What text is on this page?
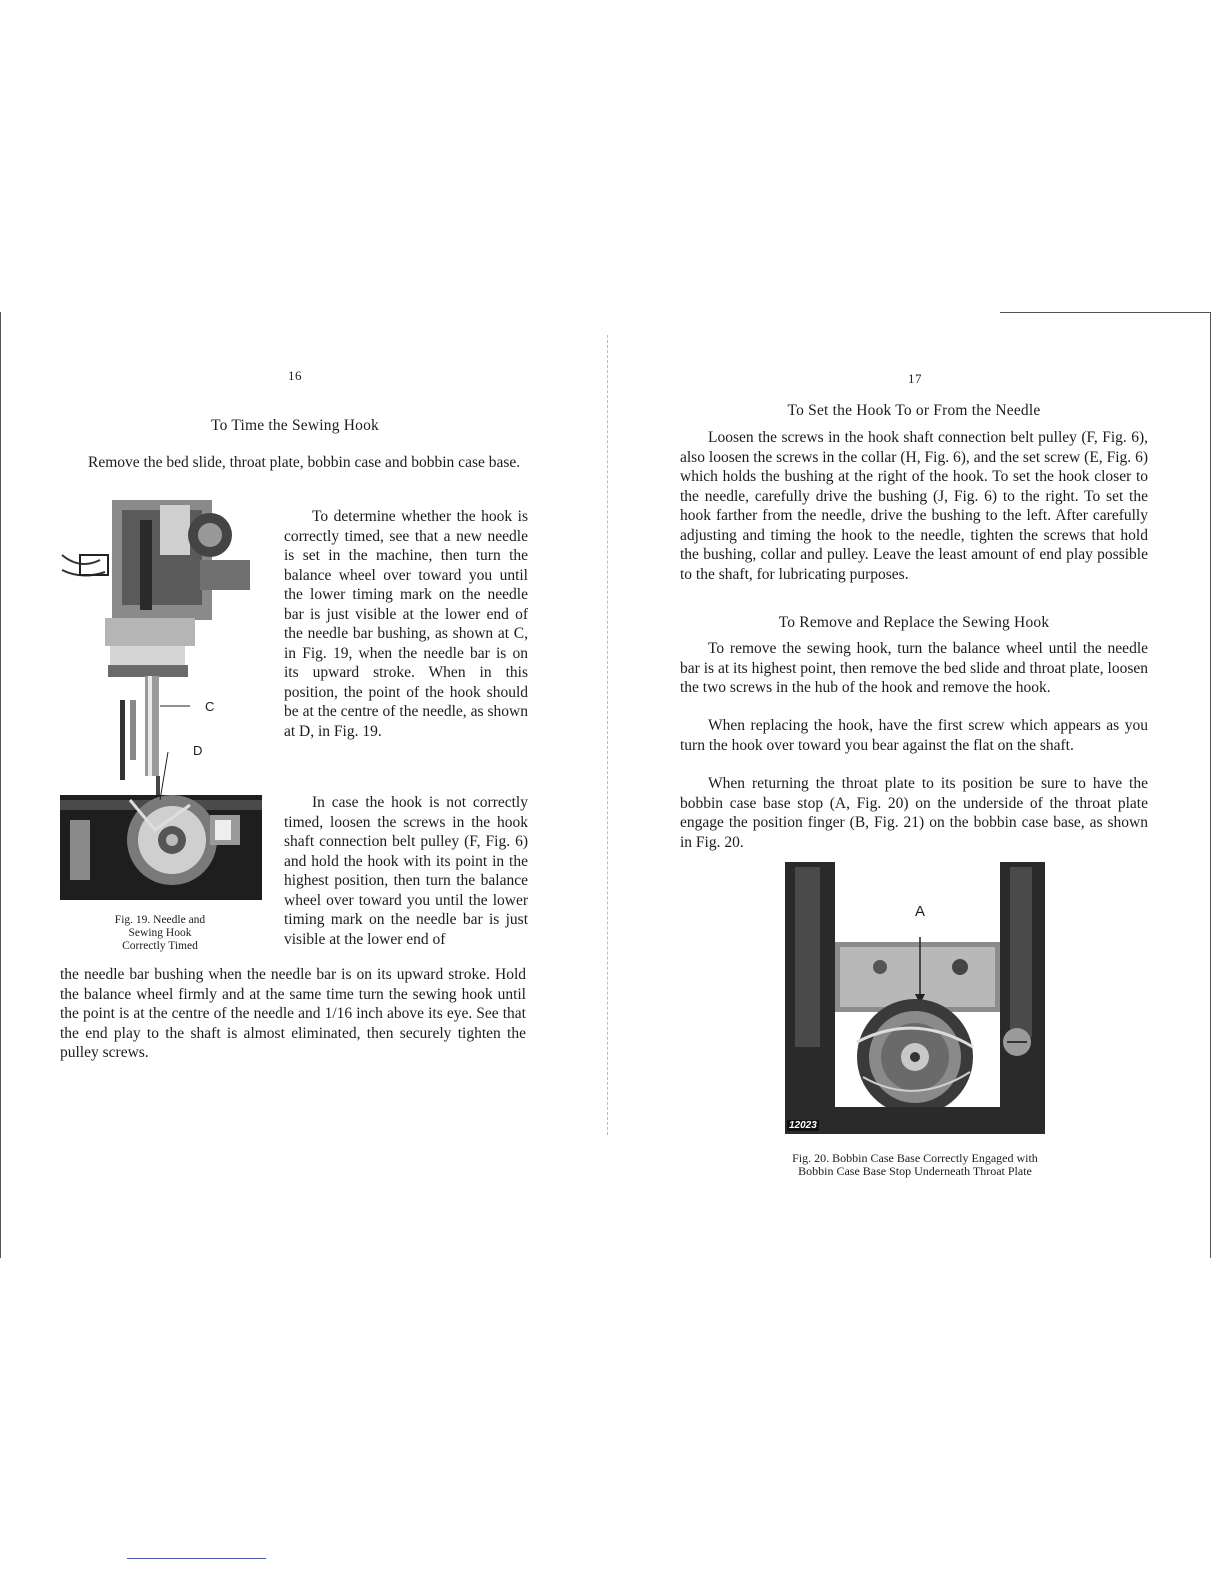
16
To Time the Sewing Hook

Remove the bed slide, throat plate, bobbin case and bobbin case base.

C
D
Fig. 19. Needle and
Sewing Hook
Correctly Timed

To determine whether the hook is correctly timed, see that a new needle is set in the machine, then turn the balance wheel over toward you until the lower timing mark on the needle bar is just visible at the lower end of the needle bar bushing, as shown at C, in Fig. 19, when the needle bar is on its upward stroke. When in this position, the point of the hook should be at the centre of the needle, as shown at D, in Fig. 19.

In case the hook is not correctly timed, loosen the screws in the hook shaft connection belt pulley (F, Fig. 6) and hold the hook with its point in the highest position, then turn the balance wheel over toward you until the lower timing mark on the needle bar is just visible at the lower end of

the needle bar bushing when the needle bar is on its upward stroke. Hold the balance wheel firmly and at the same time turn the sewing hook until the point is at the centre of the needle and 1/16 inch above its eye. See that the end play to the shaft is almost eliminated, then securely tighten the pulley screws.

17
To Set the Hook To or From the Needle

Loosen the screws in the hook shaft connection belt pulley (F, Fig. 6), also loosen the screws in the collar (H, Fig. 6), and the set screw (E, Fig. 6) which holds the bushing at the right of the hook. To set the hook closer to the needle, carefully drive the bushing (J, Fig. 6) to the right. To set the hook farther from the needle, drive the bushing to the left. After carefully adjusting and timing the hook to the needle, tighten the screws that hold the bushing, collar and pulley. Leave the least amount of end play possible to the shaft, for lubricating purposes.

To Remove and Replace the Sewing Hook

To remove the sewing hook, turn the balance wheel until the needle bar is at its highest point, then remove the bed slide and throat plate, loosen the two screws in the hub of the hook and remove the hook.

When replacing the hook, have the first screw which appears as you turn the hook over toward you bear against the flat on the shaft.

When returning the throat plate to its position be sure to have the bobbin case base stop (A, Fig. 20) on the underside of the throat plate engage the position finger (B, Fig. 21) on the bobbin case base, as shown in Fig. 20.

A
12023
Fig. 20. Bobbin Case Base Correctly Engaged with
Bobbin Case Base Stop Underneath Throat Plate
